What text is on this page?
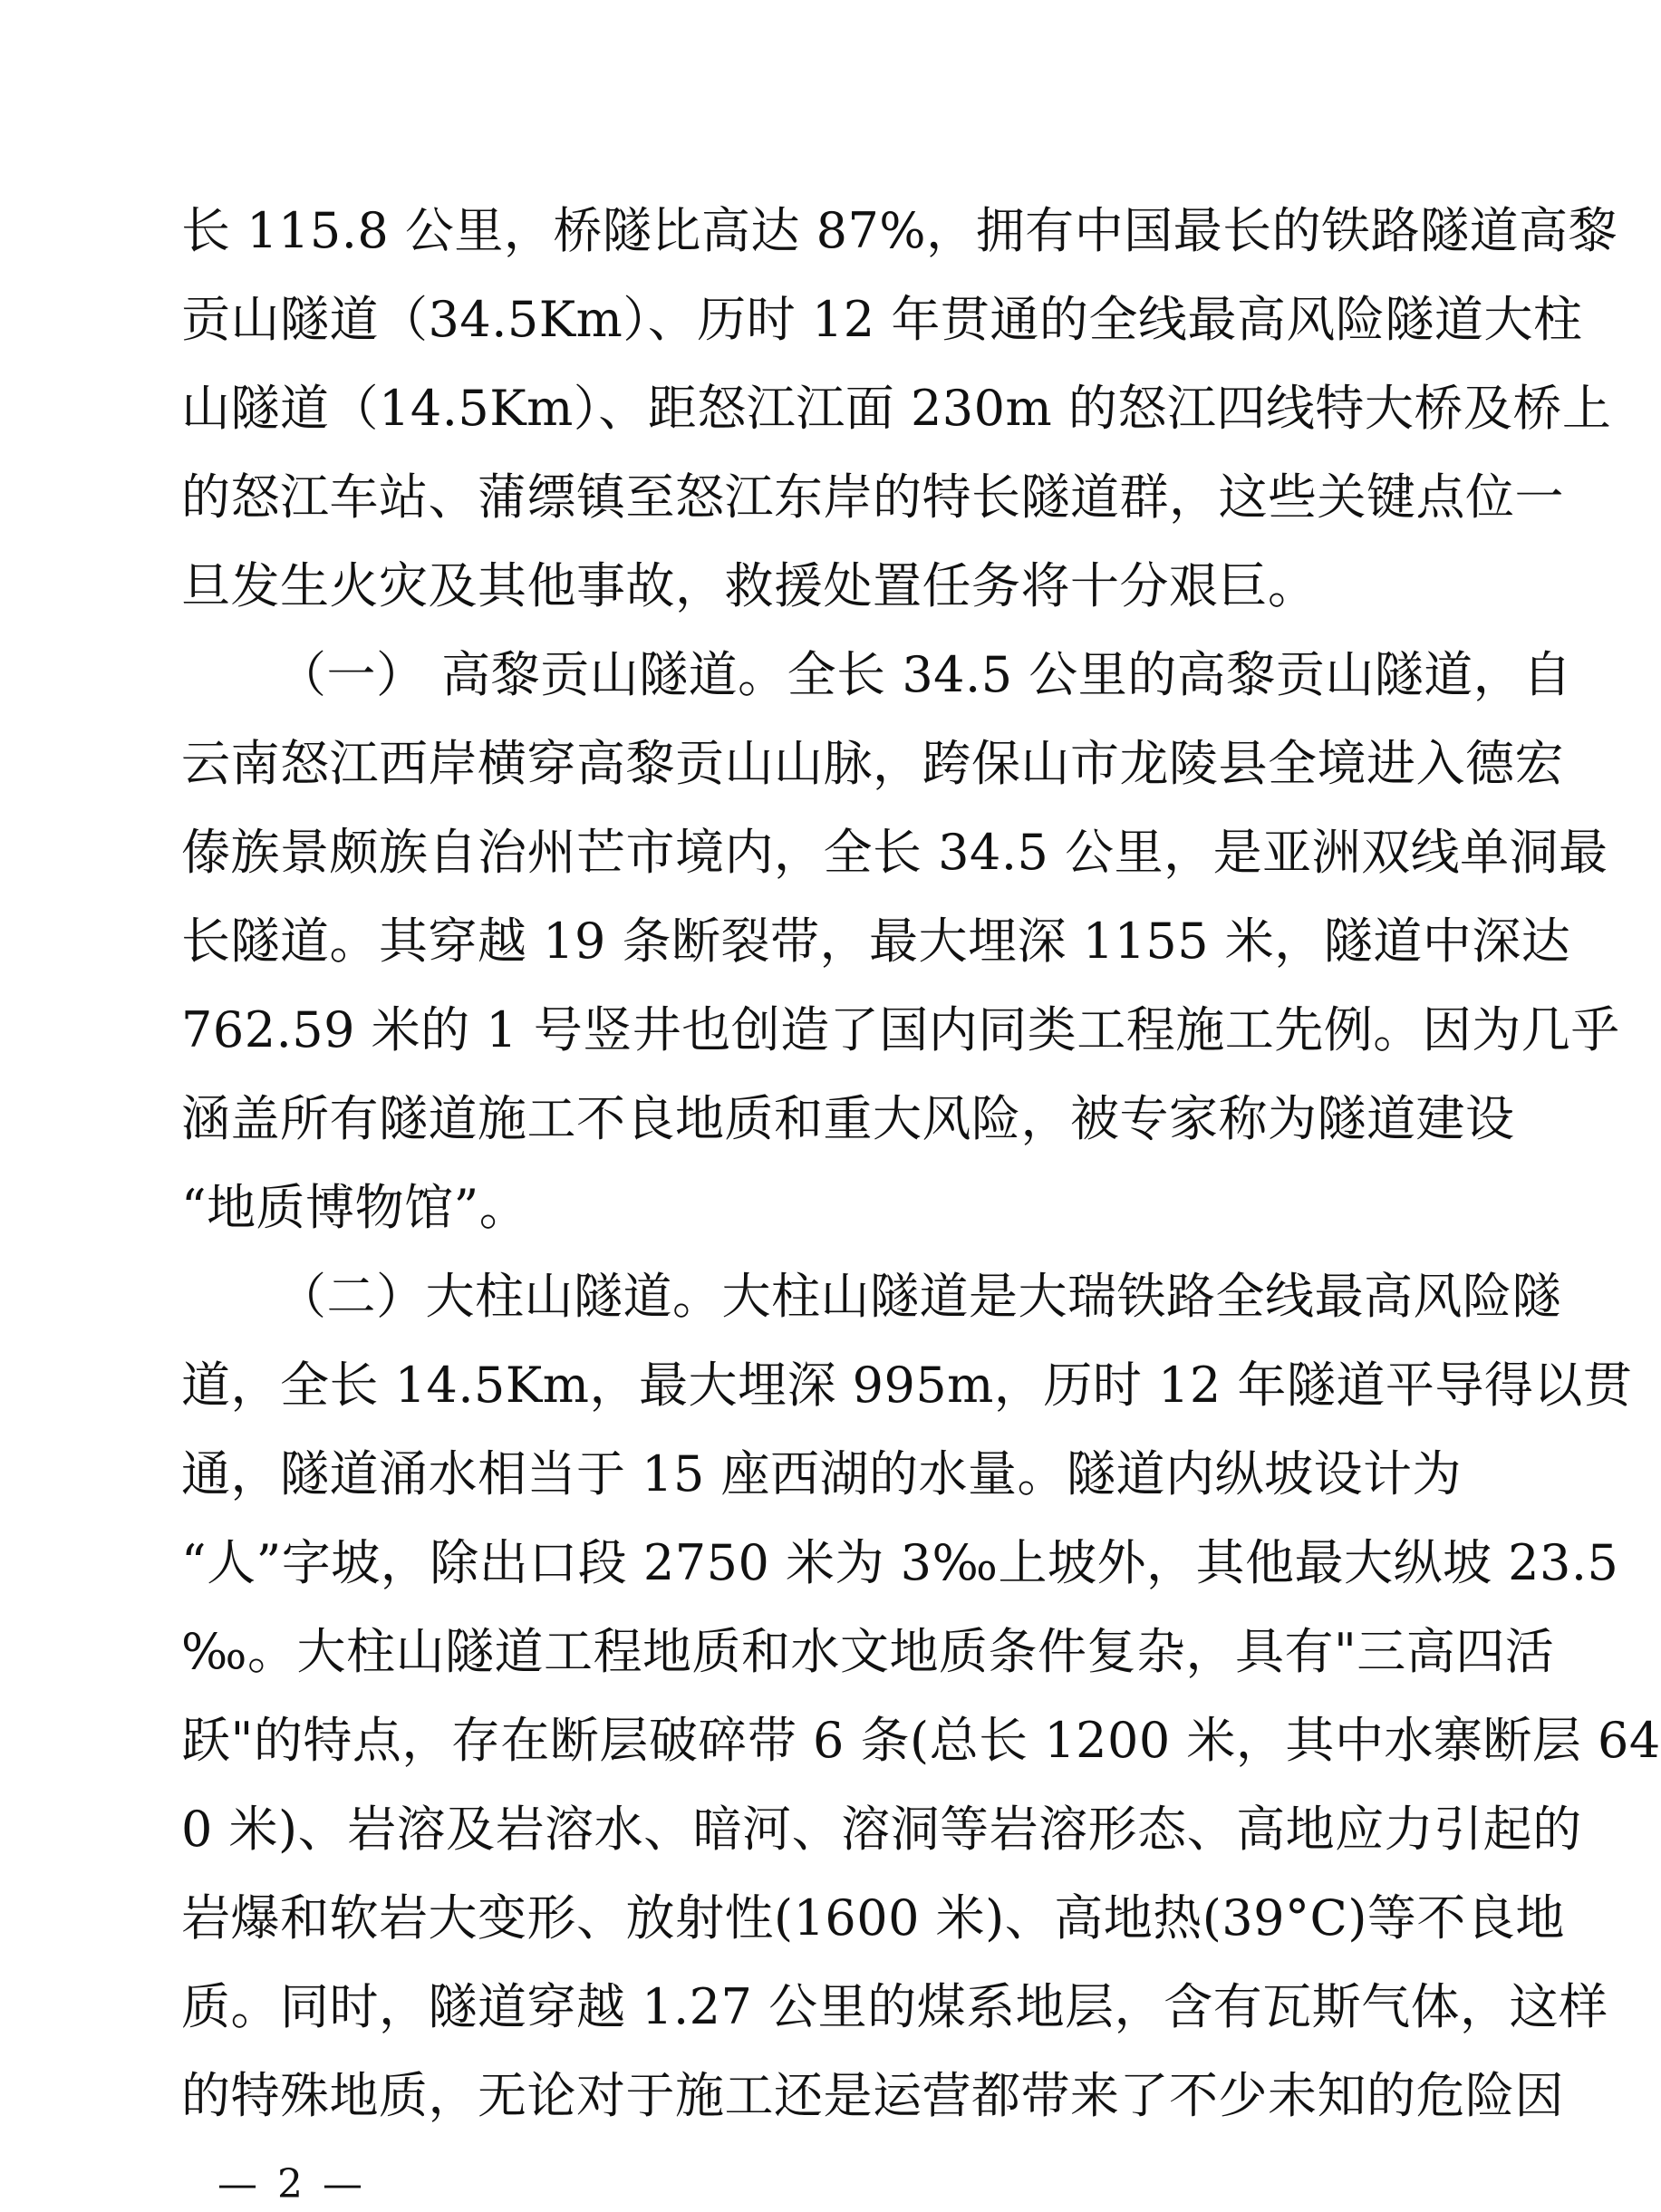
长 115.8 公里，桥隧比高达 87%，拥有中国最长的铁路隧道高黎
贡山隧道（34.5Km）、历时 12 年贯通的全线最高风险隧道大柱
山隧道（14.5Km）、距怒江江面 230m 的怒江四线特大桥及桥上
的怒江车站、蒲缥镇至怒江东岸的特长隧道群，这些关键点位一
旦发生火灾及其他事故，救援处置任务将十分艰巨。
（一） 高黎贡山隧道。全长 34.5 公里的高黎贡山隧道，自
云南怒江西岸横穿高黎贡山山脉，跨保山市龙陵县全境进入德宏
傣族景颇族自治州芒市境内，全长 34.5 公里，是亚洲双线单洞最
长隧道。其穿越 19 条断裂带，最大埋深 1155 米，隧道中深达
762.59 米的 1 号竖井也创造了国内同类工程施工先例。因为几乎
涵盖所有隧道施工不良地质和重大风险，被专家称为隧道建设
“地质博物馆”。
（二）大柱山隧道。大柱山隧道是大瑞铁路全线最高风险隧
道，全长 14.5Km，最大埋深 995m，历时 12 年隧道平导得以贯
通，隧道涌水相当于 15 座西湖的水量。隧道内纵坡设计为
“人”字坡，除出口段 2750 米为 3‰上坡外，其他最大纵坡 23.5
‰。大柱山隧道工程地质和水文地质条件复杂，具有"三高四活
跃"的特点，存在断层破碎带 6 条(总长 1200 米，其中水寨断层 64
0 米)、岩溶及岩溶水、暗河、溶洞等岩溶形态、高地应力引起的
岩爆和软岩大变形、放射性(1600 米)、高地热(39°C)等不良地
质。同时，隧道穿越 1.27 公里的煤系地层，含有瓦斯气体，这样
的特殊地质，无论对于施工还是运营都带来了不少未知的危险因
— 2 —
